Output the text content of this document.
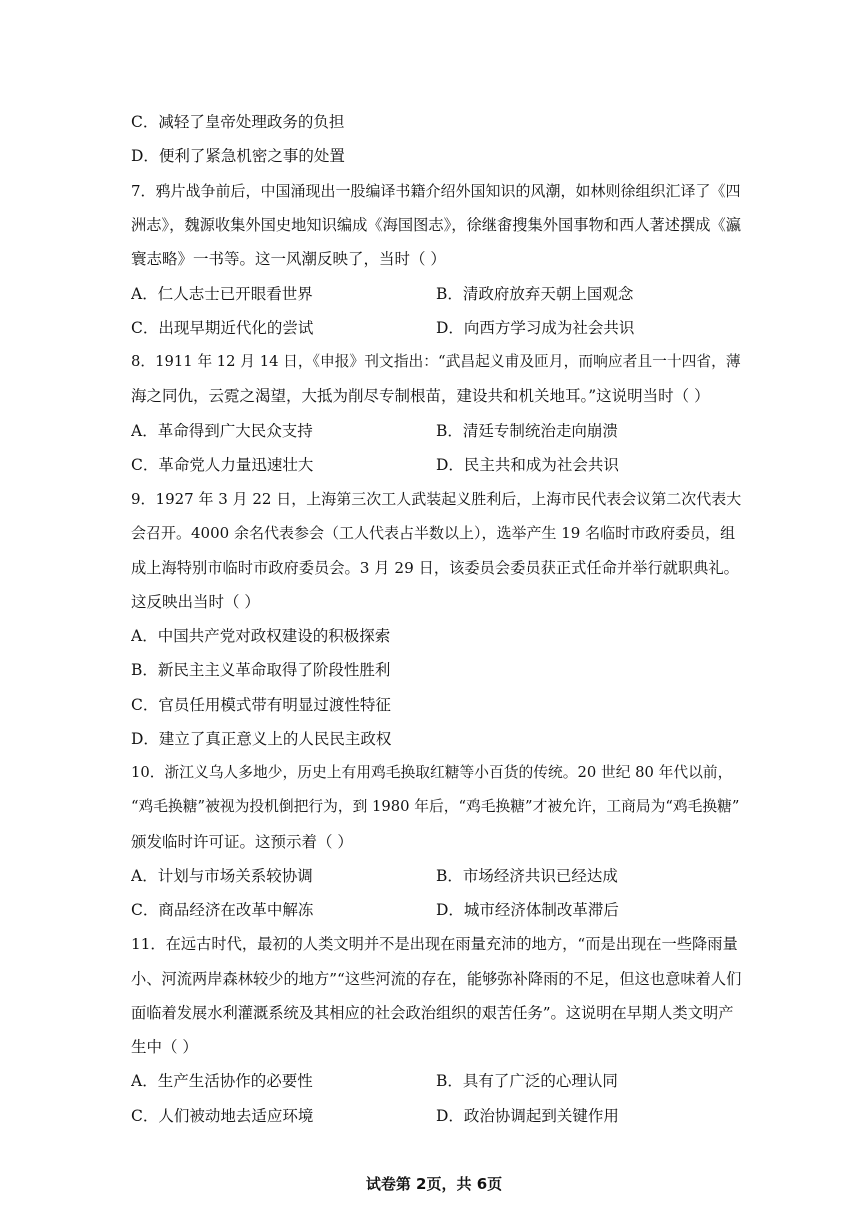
C．减轻了皇帝处理政务的负担
D．便利了紧急机密之事的处置
7．鸦片战争前后，中国涌现出一股编译书籍介绍外国知识的风潮，如林则徐组织汇译了《四
洲志》，魏源收集外国史地知识编成《海国图志》，徐继畬搜集外国事物和西人著述撰成《瀛
寰志略》一书等。这一风潮反映了，当时（ ）
A．仁人志士已开眼看世界	B．清政府放弃天朝上国观念
C．出现早期近代化的尝试	D．向西方学习成为社会共识
8．1911 年 12 月 14 日，《申报》刊文指出：“武昌起义甫及匝月，而响应者且一十四省，薄
海之同仇，云霓之渴望，大抵为削尽专制根苗，建设共和机关地耳。”这说明当时（ ）
A．革命得到广大民众支持	B．清廷专制统治走向崩溃
C．革命党人力量迅速壮大	D．民主共和成为社会共识
9．1927 年 3 月 22 日，上海第三次工人武装起义胜利后，上海市民代表会议第二次代表大
会召开。4000 余名代表参会（工人代表占半数以上），选举产生 19 名临时市政府委员，组
成上海特别市临时市政府委员会。3 月 29 日，该委员会委员获正式任命并举行就职典礼。
这反映出当时（ ）
A．中国共产党对政权建设的积极探索
B．新民主主义革命取得了阶段性胜利
C．官员任用模式带有明显过渡性特征
D．建立了真正意义上的人民民主政权
10．浙江义乌人多地少，历史上有用鸡毛换取红糖等小百货的传统。20 世纪 80 年代以前，
“鸡毛换糖”被视为投机倒把行为，到 1980 年后，“鸡毛换糖”才被允许，工商局为“鸡毛换糖”
颁发临时许可证。这预示着（ ）
A．计划与市场关系较协调	B．市场经济共识已经达成
C．商品经济在改革中解冻	D．城市经济体制改革滞后
11．在远古时代，最初的人类文明并不是出现在雨量充沛的地方，“而是出现在一些降雨量
小、河流两岸森林较少的地方”“这些河流的存在，能够弥补降雨的不足，但这也意味着人们
面临着发展水利灌溉系统及其相应的社会政治组织的艰苦任务”。这说明在早期人类文明产
生中（ ）
A．生产生活协作的必要性	B．具有了广泛的心理认同
C．人们被动地去适应环境	D．政治协调起到关键作用
试卷第 2页，共 6页
